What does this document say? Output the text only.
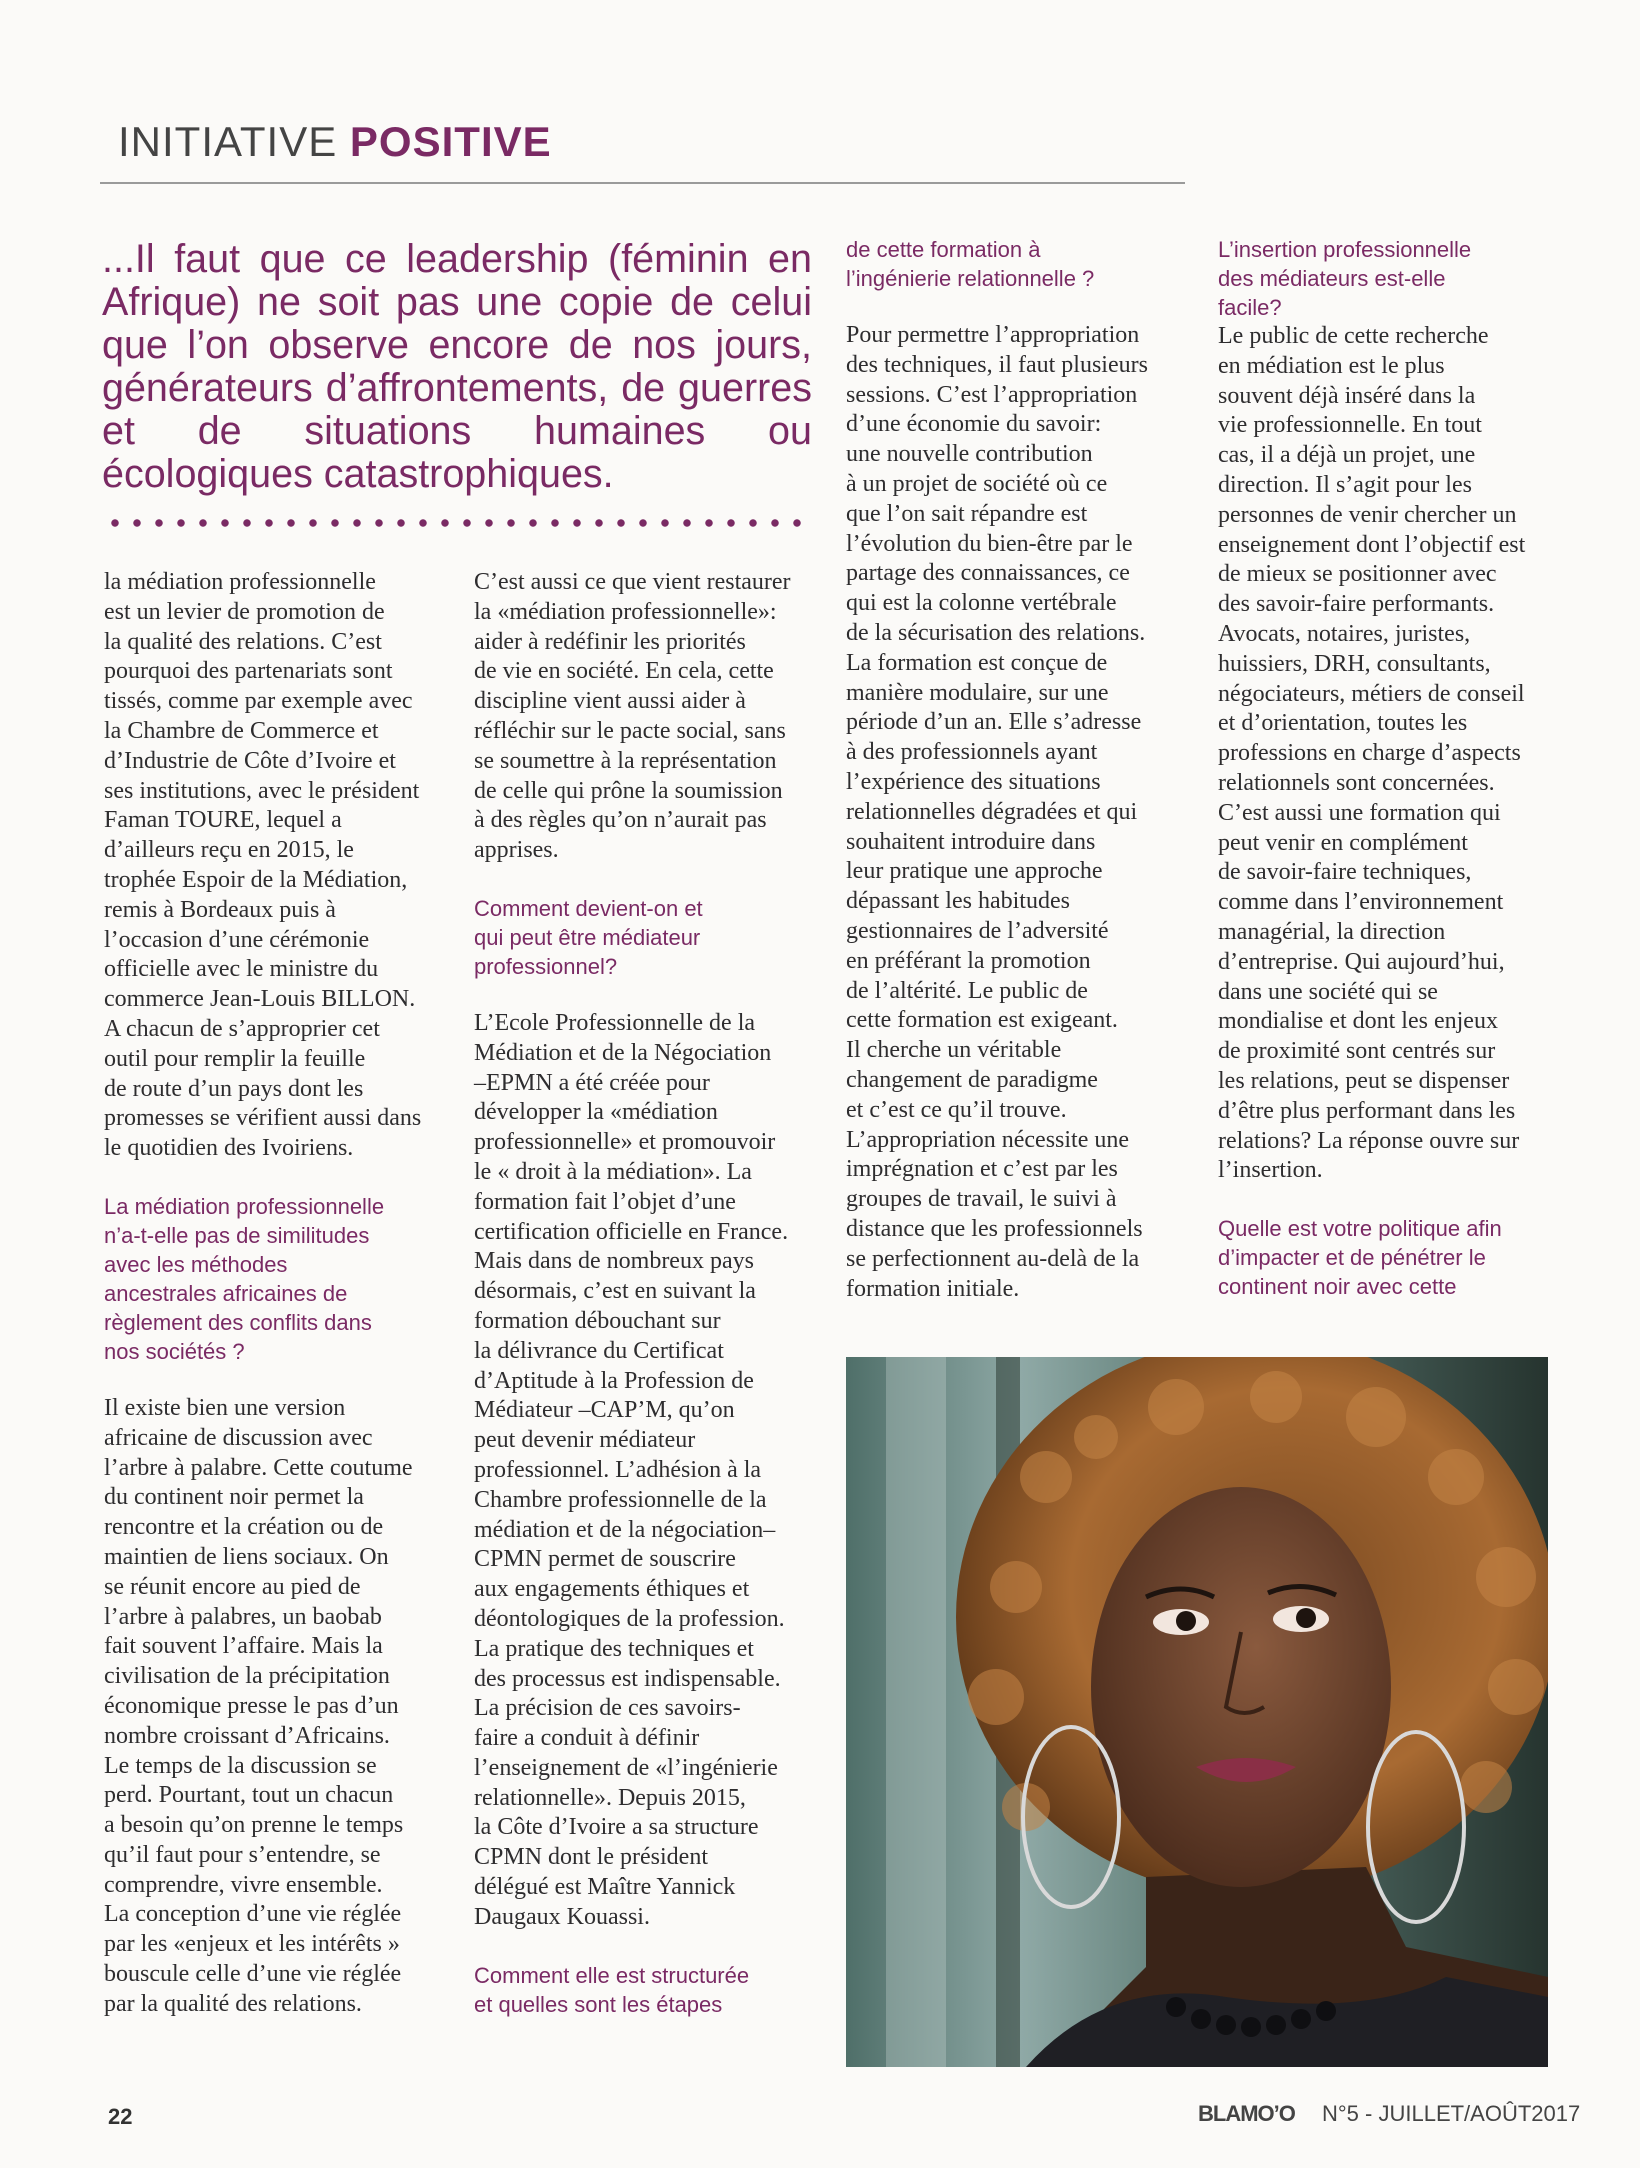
INITIATIVE POSITIVE
...Il faut que ce leadership (féminin en Afrique) ne soit pas une copie de celui que l’on observe encore de nos jours, générateurs d’affrontements, de guerres et de situations humaines ou écologiques catastrophiques.

la médiation professionnelle
est un levier de promotion de
la qualité des relations. C’est
pourquoi des partenariats sont
tissés, comme par exemple avec
la Chambre de Commerce et
d’Industrie de Côte d’Ivoire et
ses institutions, avec le président
Faman TOURE, lequel a
d’ailleurs reçu en 2015, le
trophée Espoir de la Médiation,
remis à Bordeaux puis à
l’occasion d’une cérémonie
officielle avec le ministre du
commerce Jean-Louis BILLON.
A chacun de s’approprier cet
outil pour remplir la feuille
de route d’un pays dont les
promesses se vérifient aussi dans
le quotidien des Ivoiriens.

La médiation professionnelle
n’a-t-elle pas de similitudes
avec les méthodes
ancestrales africaines de
règlement des conflits dans
nos sociétés ?

Il existe bien une version
africaine de discussion avec
l’arbre à palabre. Cette coutume
du continent noir permet la
rencontre et la création ou de
maintien de liens sociaux. On
se réunit encore au pied de
l’arbre à palabres, un baobab
fait souvent l’affaire. Mais la
civilisation de la précipitation
économique presse le pas d’un
nombre croissant d’Africains.
Le temps de la discussion se
perd. Pourtant, tout un chacun
a besoin qu’on prenne le temps
qu’il faut pour s’entendre, se
comprendre, vivre ensemble.
La conception d’une vie réglée
par les «enjeux et les intérêts »
bouscule celle d’une vie réglée
par la qualité des relations.

C’est aussi ce que vient restaurer
la «médiation professionnelle»:
aider à redéfinir les priorités
de vie en société. En cela, cette
discipline vient aussi aider à
réfléchir sur le pacte social, sans
se soumettre à la représentation
de celle qui prône la soumission
à des règles qu’on n’aurait pas
apprises.

Comment devient-on et
qui peut être médiateur
professionnel?

L’Ecole Professionnelle de la
Médiation et de la Négociation
–EPMN a été créée pour
développer la «médiation
professionnelle» et promouvoir
le « droit à la médiation». La
formation fait l’objet d’une
certification officielle en France.
Mais dans de nombreux pays
désormais, c’est en suivant la
formation débouchant sur
la délivrance du Certificat
d’Aptitude à la Profession de
Médiateur –CAP’M, qu’on
peut devenir médiateur
professionnel. L’adhésion à la
Chambre professionnelle de la
médiation et de la négociation–
CPMN permet de souscrire
aux engagements éthiques et
déontologiques de la profession.
La pratique des techniques et
des processus est indispensable.
La précision de ces savoirs-
faire a conduit à définir
l’enseignement de «l’ingénierie
relationnelle». Depuis 2015,
la Côte d’Ivoire a sa structure
CPMN dont le président
délégué est Maître Yannick
Daugaux Kouassi.

Comment elle est structurée
et quelles sont les étapes

de cette formation à
l’ingénierie relationnelle ?

Pour permettre l’appropriation
des techniques, il faut plusieurs
sessions. C’est l’appropriation
d’une économie du savoir:
une nouvelle contribution
à un projet de société où ce
que l’on sait répandre est
l’évolution du bien-être par le
partage des connaissances, ce
qui est la colonne vertébrale
de la sécurisation des relations.
La formation est conçue de
manière modulaire, sur une
période d’un an. Elle s’adresse
à des professionnels ayant
l’expérience des situations
relationnelles dégradées et qui
souhaitent introduire dans
leur pratique une approche
dépassant les habitudes
gestionnaires de l’adversité
en préférant la promotion
de l’altérité. Le public de
cette formation est exigeant.
Il cherche un véritable
changement de paradigme
et c’est ce qu’il trouve.
L’appropriation nécessite une
imprégnation et c’est par les
groupes de travail, le suivi à
distance que les professionnels
se perfectionnent au-delà de la
formation initiale.

L’insertion professionnelle
des médiateurs est-elle
facile?

Le public de cette recherche
en médiation est le plus
souvent déjà inséré dans la
vie professionnelle. En tout
cas, il a déjà un projet, une
direction. Il s’agit pour les
personnes de venir chercher un
enseignement dont l’objectif est
de mieux se positionner avec
des savoir-faire performants.
Avocats, notaires, juristes,
huissiers, DRH, consultants,
négociateurs, métiers de conseil
et d’orientation, toutes les
professions en charge d’aspects
relationnels sont concernées.
C’est aussi une formation qui
peut venir en complément
de savoir-faire techniques,
comme dans l’environnement
managérial, la direction
d’entreprise. Qui aujourd’hui,
dans une société qui se
mondialise et dont les enjeux
de proximité sont centrés sur
les relations, peut se dispenser
d’être plus performant dans les
relations? La réponse ouvre sur
l’insertion.

Quelle est votre politique afin
d’impacter et de pénétrer le
continent noir avec cette

22	BLAMO’O N°5 - JUILLET/AOÛT2017
